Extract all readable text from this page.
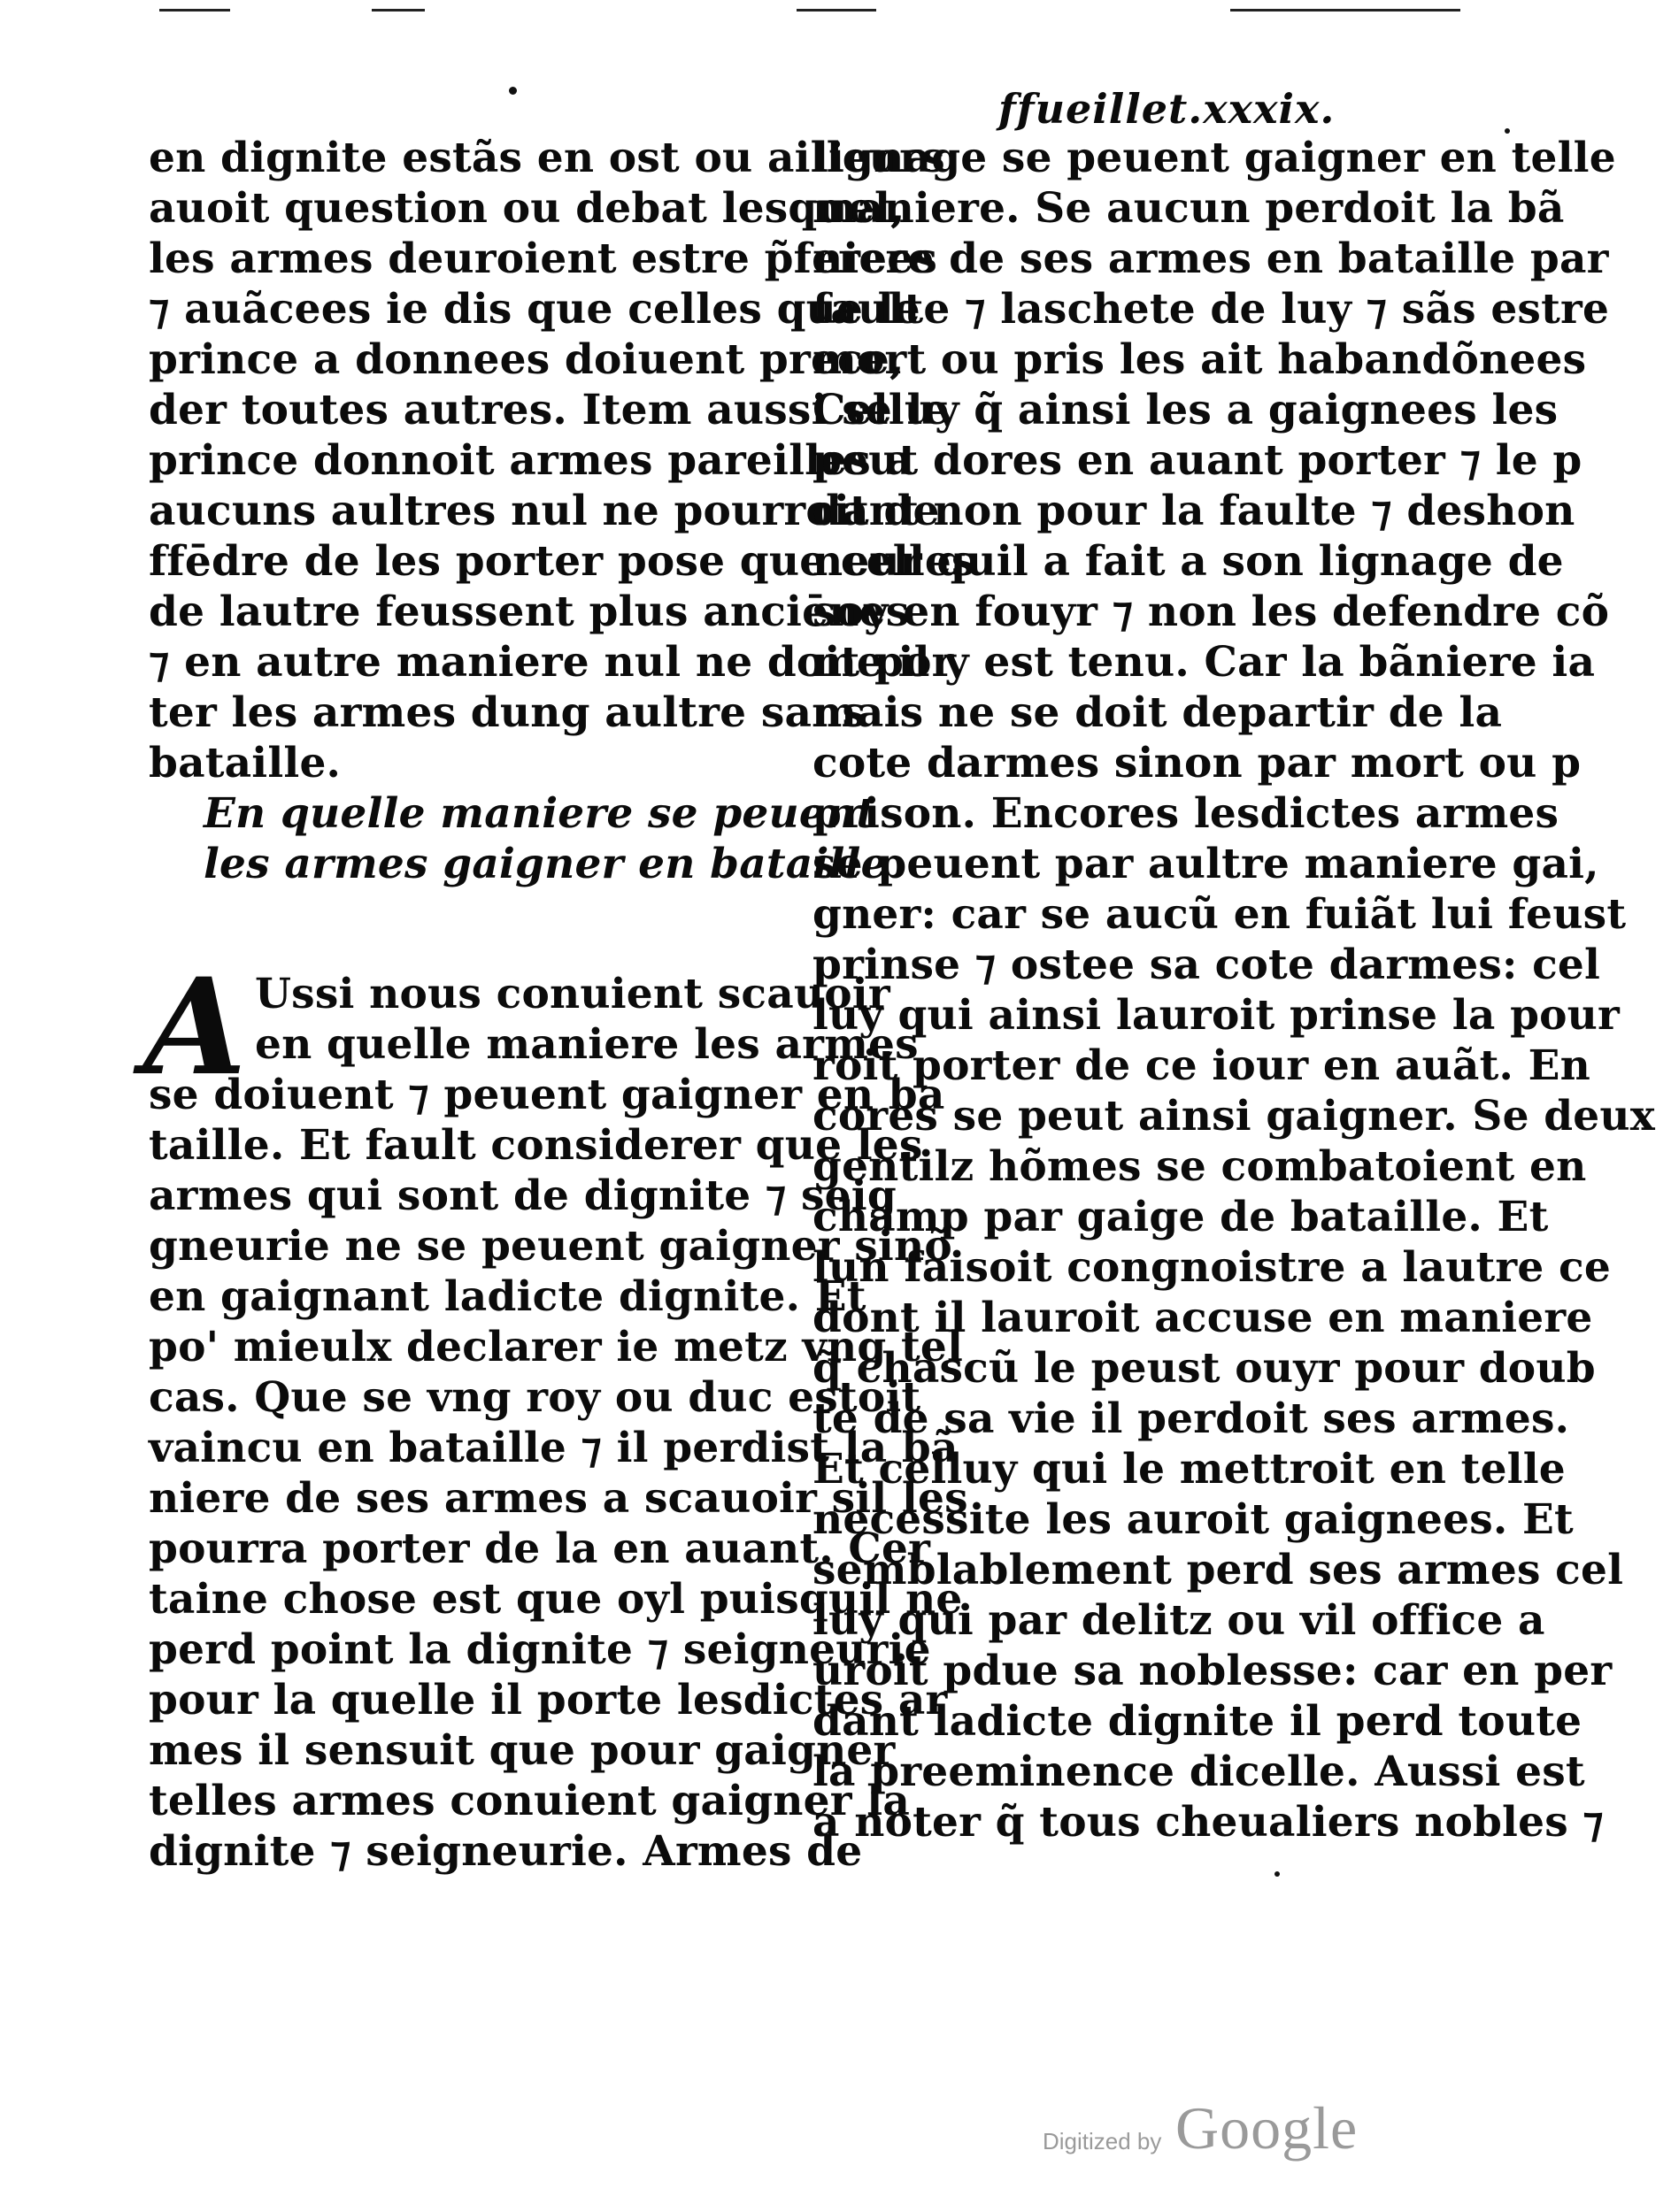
ffueillet.xxxix.
en dignite estãs en ost ou ailleurs
auoit question ou debat lesquel,
les armes deuroient estre p̃ferees
⁊ auãcees ie dis que celles que le
prince a donnees doiuent prece,
der toutes autres. Item aussi se le
prince donnoit armes pareilles a
aucuns aultres nul ne pourroit de
ffēdre de les porter pose que celles
de lautre feussent plus anciēnes
⁊ en autre maniere nul ne doit por
ter les armes dung aultre sans
bataille.
En quelle maniere se peuent
les armes gaigner en bataille
A Ussi nous conuient scauoir
en quelle maniere les armes
se doiuent ⁊ peuent gaigner en ba
taille. Et fault considerer que les
armes qui sont de dignite ⁊ seig
gneurie ne se peuent gaigner sinõ
en gaignant ladicte dignite. Et
po' mieulx declarer ie metz vng tel
cas. Que se vng roy ou duc estoit
vaincu en bataille ⁊ il perdist la bã
niere de ses armes a scauoir sil les
pourra porter de la en auant. Cer
taine chose est que oyl puisquil ne
perd point la dignite ⁊ seigneurie
pour la quelle il porte lesdictes ar
mes il sensuit que pour gaigner
telles armes conuient gaigner la
dignite ⁊ seigneurie. Armes de
lignage se peuent gaigner en telle
maniere. Se aucun perdoit la bã
niere de ses armes en bataille par
faulte ⁊ laschete de luy ⁊ sãs estre
mort ou pris les ait habandõnees
Celluy q̃ ainsi les a gaignees les
peut dores en auant porter ⁊ le p
dant non pour la faulte ⁊ deshon
neur quil a fait a son lignage de
soy en fouyr ⁊ non les defendre cõ
me il y est tenu. Car la bãniere ia
mais ne se doit departir de la
cote darmes sinon par mort ou p
prison. Encores lesdictes armes
se peuent par aultre maniere gai,
gner: car se aucũ en fuiãt lui feust
prinse ⁊ ostee sa cote darmes: cel
luy qui ainsi lauroit prinse la pour
roit porter de ce iour en auãt. En
cores se peut ainsi gaigner. Se deux
gentilz hõmes se combatoient en
champ par gaige de bataille. Et
lun faisoit congnoistre a lautre ce
dont il lauroit accuse en maniere
q̃ chascũ le peust ouyr pour doub
te de sa vie il perdoit ses armes.
Et celluy qui le mettroit en telle
necessite les auroit gaignees. Et
semblablement perd ses armes cel
luy qui par delitz ou vil office a
uroit pdue sa noblesse: car en per
dant ladicte dignite il perd toute
la preeminence dicelle. Aussi est
a noter q̃ tous cheualiers nobles ⁊
Digitized by Google
